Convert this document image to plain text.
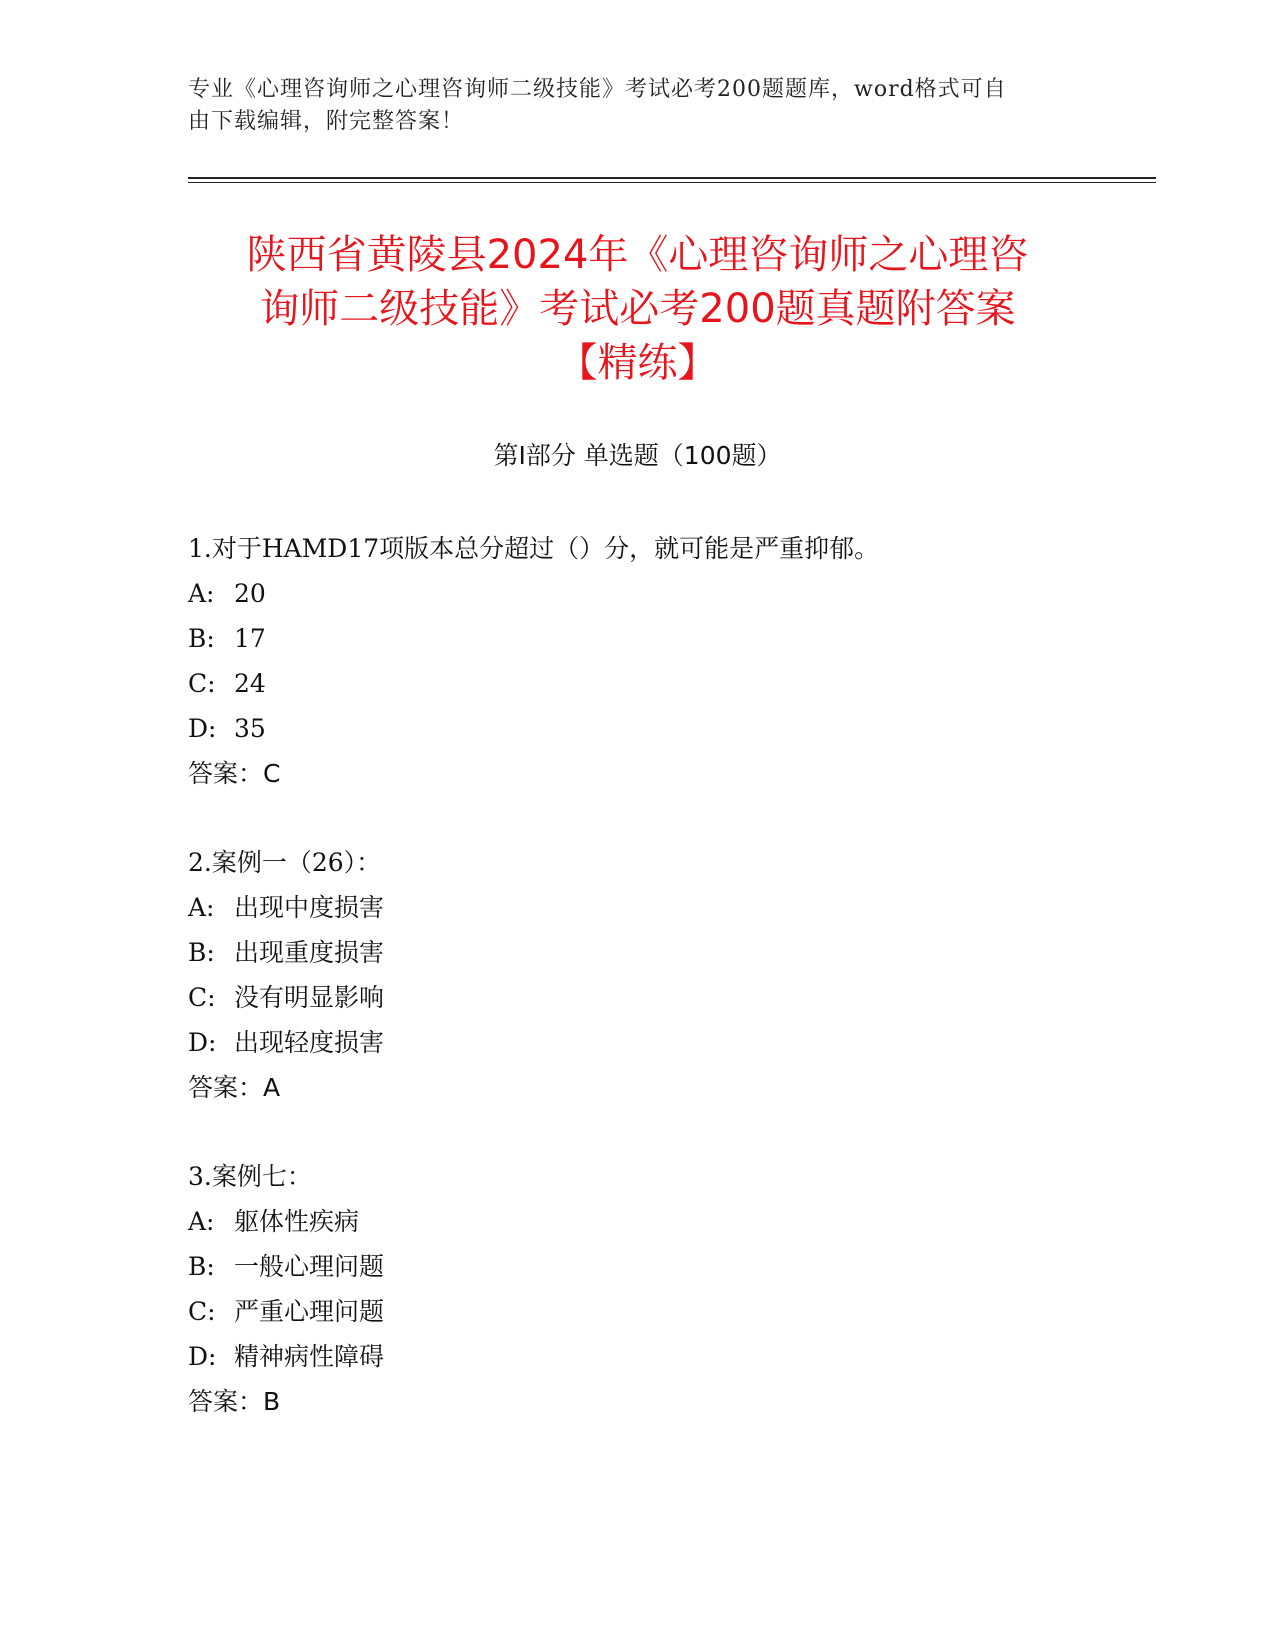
专业《心理咨询师之心理咨询师二级技能》考试必考200题题库，word格式可自
由下载编辑，附完整答案！
陕西省黄陵县2024年《心理咨询师之心理咨
询师二级技能》考试必考200题真题附答案
【精练】
第Ⅰ部分 单选题（100题）
1.对于HAMD17项版本总分超过（）分，就可能是严重抑郁。
A: 20
B: 17
C: 24
D: 35
答案：C
2.案例一（26）：
A: 出现中度损害
B: 出现重度损害
C: 没有明显影响
D: 出现轻度损害
答案：A
3.案例七：
A: 躯体性疾病
B: 一般心理问题
C: 严重心理问题
D: 精神病性障碍
答案：B
